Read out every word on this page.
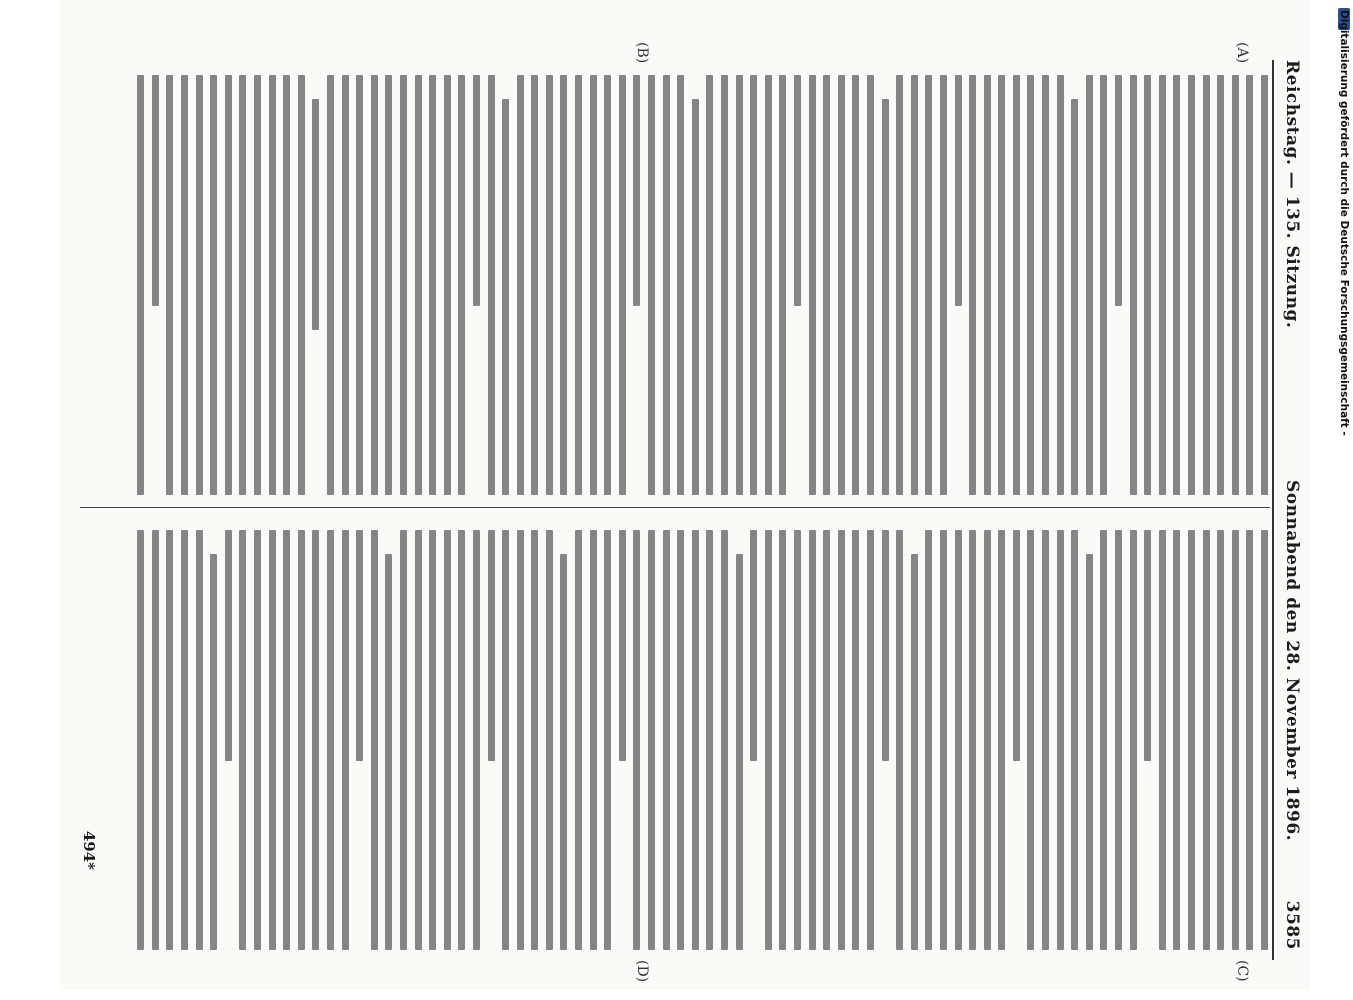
Reichstag. — 135. Sitzung.
Sonnabend den 28. November 1896.
3585
(A)
(B)
(C)
(D)
494*
Digitalisierung gefördert durch die Deutsche Forschungsgemeinschaft -
